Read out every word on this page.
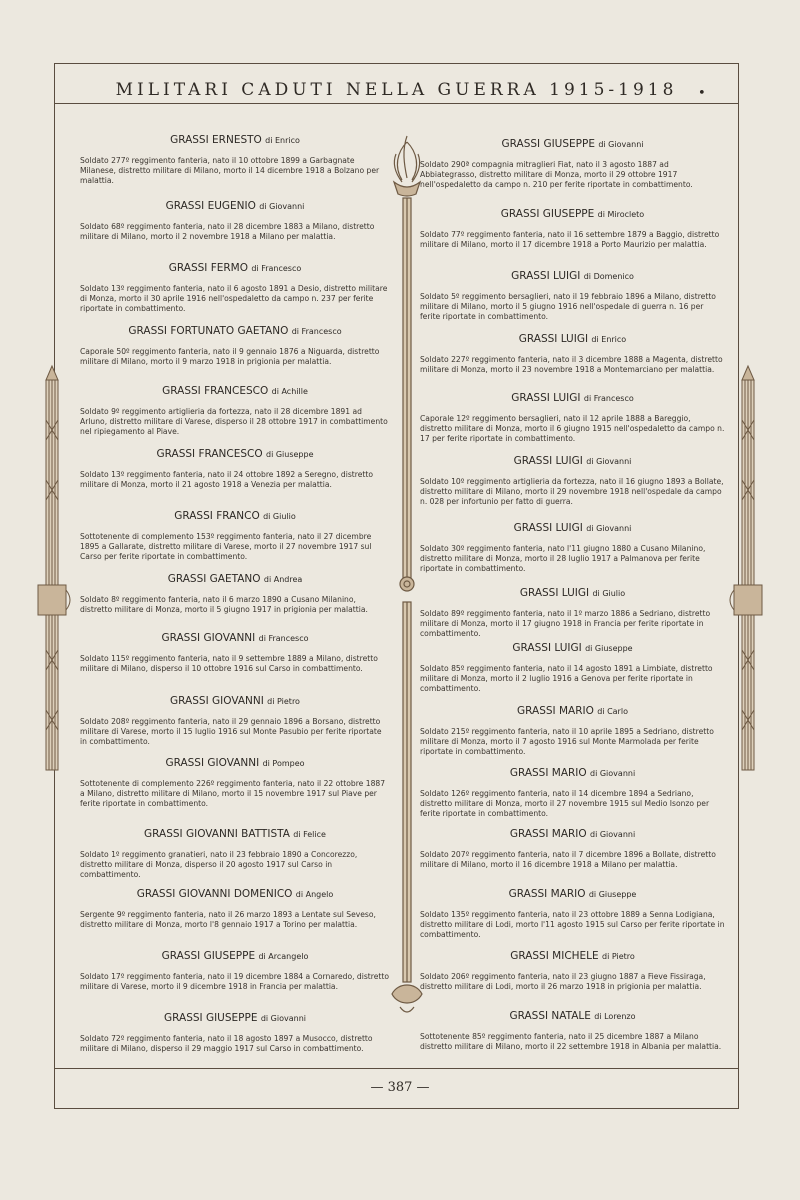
MILITARI CADUTI NELLA GUERRA 1915-1918	•
GRASSI ERNESTO di Enrico
Soldato 277º reggimento fanteria, nato il 10 ottobre 1899 a Garbagnate Milanese, distretto militare di Milano, morto il 14 dicembre 1918 a Bolzano per malattia.
GRASSI EUGENIO di Giovanni
Soldato 68º reggimento fanteria, nato il 28 dicembre 1883 a Milano, distretto militare di Milano, morto il 2 novembre 1918 a Milano per malattia.
GRASSI FERMO di Francesco
Soldato 13º reggimento fanteria, nato il 6 agosto 1891 a Desio, distretto militare di Monza, morto il 30 aprile 1916 nell'ospedaletto da campo n. 237 per ferite riportate in combattimento.
GRASSI FORTUNATO GAETANO di Francesco
Caporale 50º reggimento fanteria, nato il 9 gennaio 1876 a Niguarda, distretto militare di Milano, morto il 9 marzo 1918 in prigionia per malattia.
GRASSI FRANCESCO di Achille
Soldato 9º reggimento artiglieria da fortezza, nato il 28 dicembre 1891 ad Arluno, distretto militare di Varese, disperso il 28 ottobre 1917 in combattimento nel ripiegamento al Piave.
GRASSI FRANCESCO di Giuseppe
Soldato 13º reggimento fanteria, nato il 24 ottobre 1892 a Seregno, distretto militare di Monza, morto il 21 agosto 1918 a Venezia per malattia.
GRASSI FRANCO di Giulio
Sottotenente di complemento 153º reggimento fanteria, nato il 27 dicembre 1895 a Gallarate, distretto militare di Varese, morto il 27 novembre 1917 sul Carso per ferite riportate in combattimento.
GRASSI GAETANO di Andrea
Soldato 8º reggimento fanteria, nato il 6 marzo 1890 a Cusano Milanino, distretto militare di Monza, morto il 5 giugno 1917 in prigionia per malattia.
GRASSI GIOVANNI di Francesco
Soldato 115º reggimento fanteria, nato il 9 settembre 1889 a Milano, distretto militare di Milano, disperso il 10 ottobre 1916 sul Carso in combattimento.
GRASSI GIOVANNI di Pietro
Soldato 208º reggimento fanteria, nato il 29 gennaio 1896 a Borsano, distretto militare di Varese, morto il 15 luglio 1916 sul Monte Pasubio per ferite riportate in combattimento.
GRASSI GIOVANNI di Pompeo
Sottotenente di complemento 226º reggimento fanteria, nato il 22 ottobre 1887 a Milano, distretto militare di Milano, morto il 15 novembre 1917 sul Piave per ferite riportate in combattimento.
GRASSI GIOVANNI BATTISTA di Felice
Soldato 1º reggimento granatieri, nato il 23 febbraio 1890 a Concorezzo, distretto militare di Monza, disperso il 20 agosto 1917 sul Carso in combattimento.
GRASSI GIOVANNI DOMENICO di Angelo
Sergente 9º reggimento fanteria, nato il 26 marzo 1893 a Lentate sul Seveso, distretto militare di Monza, morto l'8 gennaio 1917 a Torino per malattia.
GRASSI GIUSEPPE di Arcangelo
Soldato 17º reggimento fanteria, nato il 19 dicembre 1884 a Cornaredo, distretto militare di Varese, morto il 9 dicembre 1918 in Francia per malattia.
GRASSI GIUSEPPE di Giovanni
Soldato 72º reggimento fanteria, nato il 18 agosto 1897 a Musocco, distretto militare di Milano, disperso il 29 maggio 1917 sul Carso in combattimento.
GRASSI GIUSEPPE di Giovanni
Soldato 290ª compagnia mitraglieri Fiat, nato il 3 agosto 1887 ad Abbiategrasso, distretto militare di Monza, morto il 29 ottobre 1917 nell'ospedaletto da campo n. 210 per ferite riportate in combattimento.
GRASSI GIUSEPPE di Mirocleto
Soldato 77º reggimento fanteria, nato il 16 settembre 1879 a Baggio, distretto militare di Milano, morto il 17 dicembre 1918 a Porto Maurizio per malattia.
GRASSI LUIGI di Domenico
Soldato 5º reggimento bersaglieri, nato il 19 febbraio 1896 a Milano, distretto militare di Milano, morto il 5 giugno 1916 nell'ospedale di guerra n. 16 per ferite riportate in combattimento.
GRASSI LUIGI di Enrico
Soldato 227º reggimento fanteria, nato il 3 dicembre 1888 a Magenta, distretto militare di Monza, morto il 23 novembre 1918 a Montemarciano per malattia.
GRASSI LUIGI di Francesco
Caporale 12º reggimento bersaglieri, nato il 12 aprile 1888 a Bareggio, distretto militare di Monza, morto il 6 giugno 1915 nell'ospedaletto da campo n. 17 per ferite riportate in combattimento.
GRASSI LUIGI di Giovanni
Soldato 10º reggimento artiglieria da fortezza, nato il 16 giugno 1893 a Bollate, distretto militare di Milano, morto il 29 novembre 1918 nell'ospedale da campo n. 028 per infortunio per fatto di guerra.
GRASSI LUIGI di Giovanni
Soldato 30º reggimento fanteria, nato l'11 giugno 1880 a Cusano Milanino, distretto militare di Monza, morto il 28 luglio 1917 a Palmanova per ferite riportate in combattimento.
GRASSI LUIGI di Giulio
Soldato 89º reggimento fanteria, nato il 1º marzo 1886 a Sedriano, distretto militare di Monza, morto il 17 giugno 1918 in Francia per ferite riportate in combattimento.
GRASSI LUIGI di Giuseppe
Soldato 85º reggimento fanteria, nato il 14 agosto 1891 a Limbiate, distretto militare di Monza, morto il 2 luglio 1916 a Genova per ferite riportate in combattimento.
GRASSI MARIO di Carlo
Soldato 215º reggimento fanteria, nato il 10 aprile 1895 a Sedriano, distretto militare di Monza, morto il 7 agosto 1916 sul Monte Marmolada per ferite riportate in combattimento.
GRASSI MARIO di Giovanni
Soldato 126º reggimento fanteria, nato il 14 dicembre 1894 a Sedriano, distretto militare di Monza, morto il 27 novembre 1915 sul Medio Isonzo per ferite riportate in combattimento.
GRASSI MARIO di Giovanni
Soldato 207º reggimento fanteria, nato il 7 dicembre 1896 a Bollate, distretto militare di Milano, morto il 16 dicembre 1918 a Milano per malattia.
GRASSI MARIO di Giuseppe
Soldato 135º reggimento fanteria, nato il 23 ottobre 1889 a Senna Lodigiana, distretto militare di Lodi, morto l'11 agosto 1915 sul Carso per ferite riportate in combattimento.
GRASSI MICHELE di Pietro
Soldato 206º reggimento fanteria, nato il 23 giugno 1887 a Fieve Fissiraga, distretto militare di Lodi, morto il 26 marzo 1918 in prigionia per malattia.
GRASSI NATALE di Lorenzo
Sottotenente 85º reggimento fanteria, nato il 25 dicembre 1887 a Milano distretto militare di Milano, morto il 22 settembre 1918 in Albania per malattia.
— 387 —
